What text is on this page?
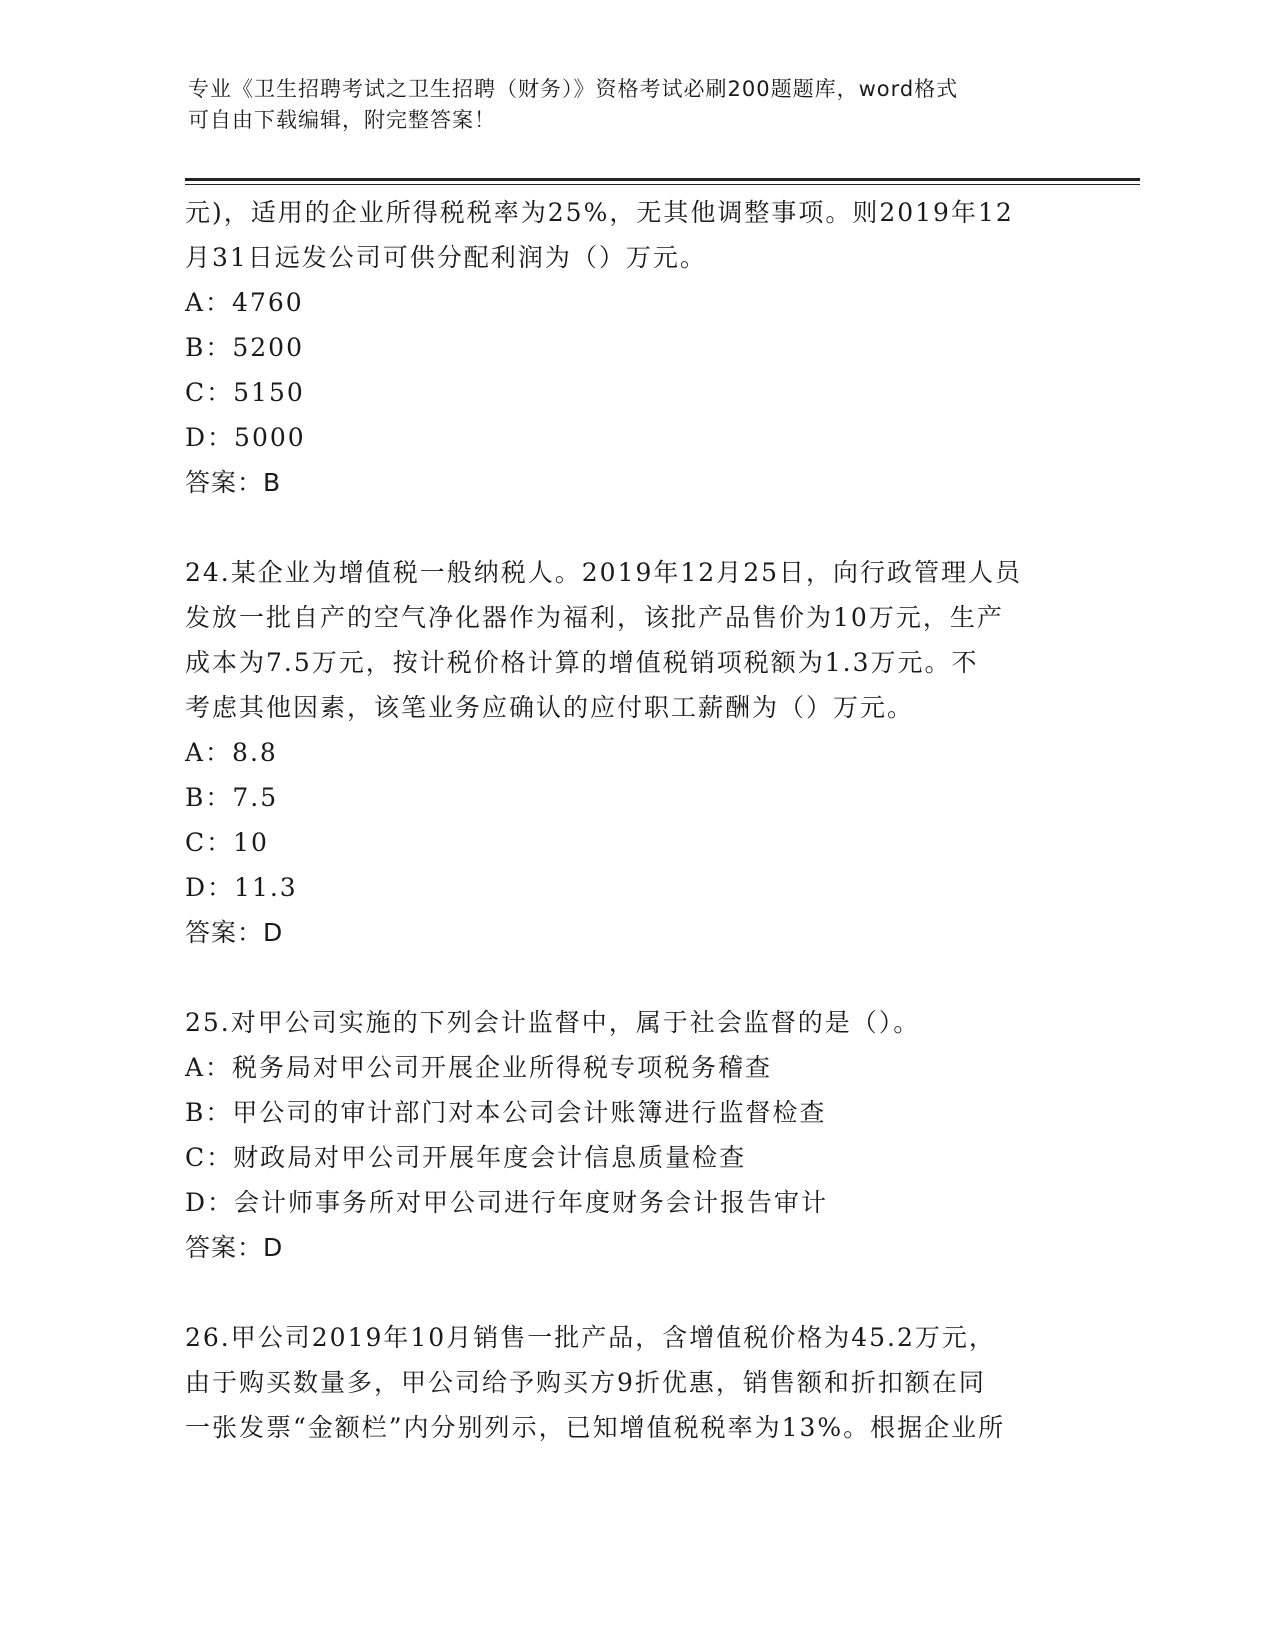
专业《卫生招聘考试之卫生招聘（财务）》资格考试必刷200题题库，word格式
可自由下载编辑，附完整答案！
元)，适用的企业所得税税率为25%，无其他调整事项。则2019年12
月31日远发公司可供分配利润为（）万元。
A：4760
B：5200
C：5150
D：5000
答案：B
24.某企业为增值税一般纳税人。2019年12月25日，向行政管理人员
发放一批自产的空气净化器作为福利，该批产品售价为10万元，生产
成本为7.5万元，按计税价格计算的增值税销项税额为1.3万元。不
考虑其他因素，该笔业务应确认的应付职工薪酬为（）万元。
A：8.8
B：7.5
C：10
D：11.3
答案：D
25.对甲公司实施的下列会计监督中，属于社会监督的是（）。
A：税务局对甲公司开展企业所得税专项税务稽查
B：甲公司的审计部门对本公司会计账簿进行监督检查
C：财政局对甲公司开展年度会计信息质量检查
D：会计师事务所对甲公司进行年度财务会计报告审计
答案：D
26.甲公司2019年10月销售一批产品，含增值税价格为45.2万元，
由于购买数量多，甲公司给予购买方9折优惠，销售额和折扣额在同
一张发票“金额栏”内分别列示，已知增值税税率为13%。根据企业所
